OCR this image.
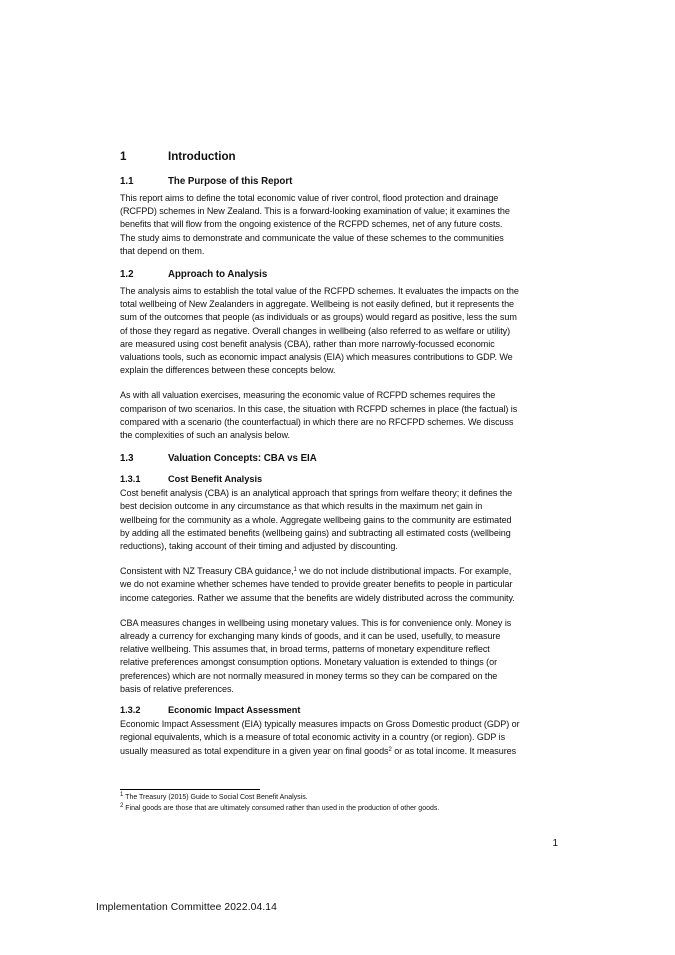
1	Introduction
1.1	The Purpose of this Report
This report aims to define the total economic value of river control, flood protection and drainage
(RCFPD) schemes in New Zealand. This is a forward-looking examination of value; it examines the
benefits that will flow from the ongoing existence of the RCFPD schemes, net of any future costs.
The study aims to demonstrate and communicate the value of these schemes to the communities
that depend on them.
1.2	Approach to Analysis
The analysis aims to establish the total value of the RCFPD schemes. It evaluates the impacts on the
total wellbeing of New Zealanders in aggregate. Wellbeing is not easily defined, but it represents the
sum of the outcomes that people (as individuals or as groups) would regard as positive, less the sum
of those they regard as negative. Overall changes in wellbeing (also referred to as welfare or utility)
are measured using cost benefit analysis (CBA), rather than more narrowly-focussed economic
valuations tools, such as economic impact analysis (EIA) which measures contributions to GDP. We
explain the differences between these concepts below.
As with all valuation exercises, measuring the economic value of RCFPD schemes requires the
comparison of two scenarios. In this case, the situation with RCFPD schemes in place (the factual) is
compared with a scenario (the counterfactual) in which there are no RFCFPD schemes. We discuss
the complexities of such an analysis below.
1.3	Valuation Concepts: CBA vs EIA
1.3.1	Cost Benefit Analysis
Cost benefit analysis (CBA) is an analytical approach that springs from welfare theory; it defines the
best decision outcome in any circumstance as that which results in the maximum net gain in
wellbeing for the community as a whole. Aggregate wellbeing gains to the community are estimated
by adding all the estimated benefits (wellbeing gains) and subtracting all estimated costs (wellbeing
reductions), taking account of their timing and adjusted by discounting.
Consistent with NZ Treasury CBA guidance,$^1$ we do not include distributional impacts. For example,
we do not examine whether schemes have tended to provide greater benefits to people in particular
income categories. Rather we assume that the benefits are widely distributed across the community.
CBA measures changes in wellbeing using monetary values. This is for convenience only. Money is
already a currency for exchanging many kinds of goods, and it can be used, usefully, to measure
relative wellbeing. This assumes that, in broad terms, patterns of monetary expenditure reflect
relative preferences amongst consumption options. Monetary valuation is extended to things (or
preferences) which are not normally measured in money terms so they can be compared on the
basis of relative preferences.
1.3.2	Economic Impact Assessment
Economic Impact Assessment (EIA) typically measures impacts on Gross Domestic product (GDP) or
regional equivalents, which is a measure of total economic activity in a country (or region). GDP is
usually measured as total expenditure in a given year on final goods$^2$ or as total income. It measures
$^1$ The Treasury (2015) Guide to Social Cost Benefit Analysis.
$^2$ Final goods are those that are ultimately consumed rather than used in the production of other goods.
1
Implementation Committee 2022.04.14
